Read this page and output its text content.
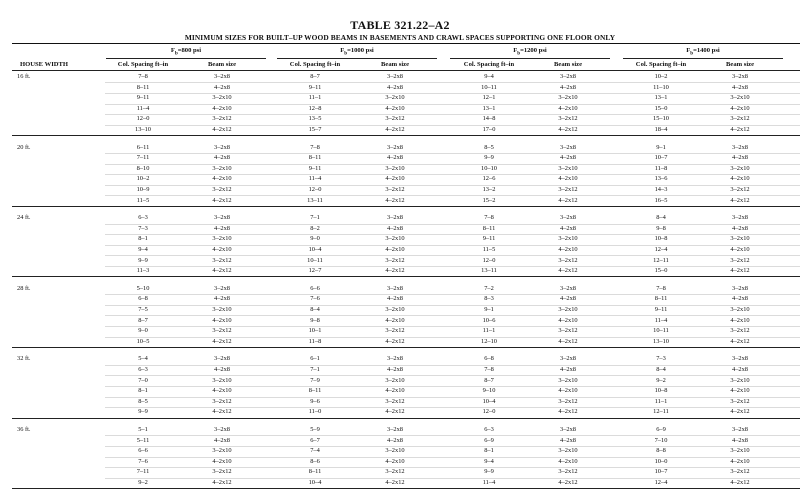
TABLE 321.22–A2
MINIMUM SIZES FOR BUILT–UP WOOD BEAMS IN BASEMENTS AND CRAWL SPACES SUPPORTING ONE FLOOR ONLY
$F_b=800$ psi	$F_b=1000$ psi	$F_b=1200$ psi	$F_b=1400$ psi
HOUSE WIDTH	Col. Spacing ft–in	Beam size	Col. Spacing ft–in	Beam size	Col. Spacing ft–in	Beam size	Col. Spacing ft–in	Beam size
16 ft.	7–8	3–2x8	8–7	3–2x8	9–4	3–2x8	10–2	3–2x8
8–11	4–2x8	9–11	4–2x8	10–11	4–2x8	11–10	4–2x8
9–11	3–2x10	11–1	3–2x10	12–1	3–2x10	13–1	3–2x10
11–4	4–2x10	12–8	4–2x10	13–1	4–2x10	15–0	4–2x10
12–0	3–2x12	13–5	3–2x12	14–8	3–2x12	15–10	3–2x12
13–10	4–2x12	15–7	4–2x12	17–0	4–2x12	18–4	4–2x12
20 ft.	6–11	3–2x8	7–8	3–2x8	8–5	3–2x8	9–1	3–2x8
7–11	4–2x8	8–11	4–2x8	9–9	4–2x8	10–7	4–2x8
8–10	3–2x10	9–11	3–2x10	10–10	3–2x10	11–8	3–2x10
10–2	4–2x10	11–4	4–2x10	12–6	4–2x10	13–6	4–2x10
10–9	3–2x12	12–0	3–2x12	13–2	3–2x12	14–3	3–2x12
11–5	4–2x12	13–11	4–2x12	15–2	4–2x12	16–5	4–2x12
24 ft.	6–3	3–2x8	7–1	3–2x8	7–8	3–2x8	8–4	3–2x8
7–3	4–2x8	8–2	4–2x8	8–11	4–2x8	9–8	4–2x8
8–1	3–2x10	9–0	3–2x10	9–11	3–2x10	10–8	3–2x10
9–4	4–2x10	10–4	4–2x10	11–5	4–2x10	12–4	4–2x10
9–9	3–2x12	10–11	3–2x12	12–0	3–2x12	12–11	3–2x12
11–3	4–2x12	12–7	4–2x12	13–11	4–2x12	15–0	4–2x12
28 ft.	5–10	3–2x8	6–6	3–2x8	7–2	3–2x8	7–8	3–2x8
6–8	4–2x8	7–6	4–2x8	8–3	4–2x8	8–11	4–2x8
7–5	3–2x10	8–4	3–2x10	9–1	3–2x10	9–11	3–2x10
8–7	4–2x10	9–8	4–2x10	10–6	4–2x10	11–4	4–2x10
9–0	3–2x12	10–1	3–2x12	11–1	3–2x12	10–11	3–2x12
10–5	4–2x12	11–8	4–2x12	12–10	4–2x12	13–10	4–2x12
32 ft.	5–4	3–2x8	6–1	3–2x8	6–8	3–2x8	7–3	3–2x8
6–3	4–2x8	7–1	4–2x8	7–8	4–2x8	8–4	4–2x8
7–0	3–2x10	7–9	3–2x10	8–7	3–2x10	9–2	3–2x10
8–1	4–2x10	8–11	4–2x10	9–10	4–2x10	10–8	4–2x10
8–5	3–2x12	9–6	3–2x12	10–4	3–2x12	11–1	3–2x12
9–9	4–2x12	11–0	4–2x12	12–0	4–2x12	12–11	4–2x12
36 ft.	5–1	3–2x8	5–9	3–2x8	6–3	3–2x8	6–9	3–2x8
5–11	4–2x8	6–7	4–2x8	6–9	4–2x8	7–10	4–2x8
6–6	3–2x10	7–4	3–2x10	8–1	3–2x10	8–8	3–2x10
7–6	4–2x10	8–6	4–2x10	9–4	4–2x10	10–0	4–2x10
7–11	3–2x12	8–11	3–2x12	9–9	3–2x12	10–7	3–2x12
9–2	4–2x12	10–4	4–2x12	11–4	4–2x12	12–4	4–2x12
